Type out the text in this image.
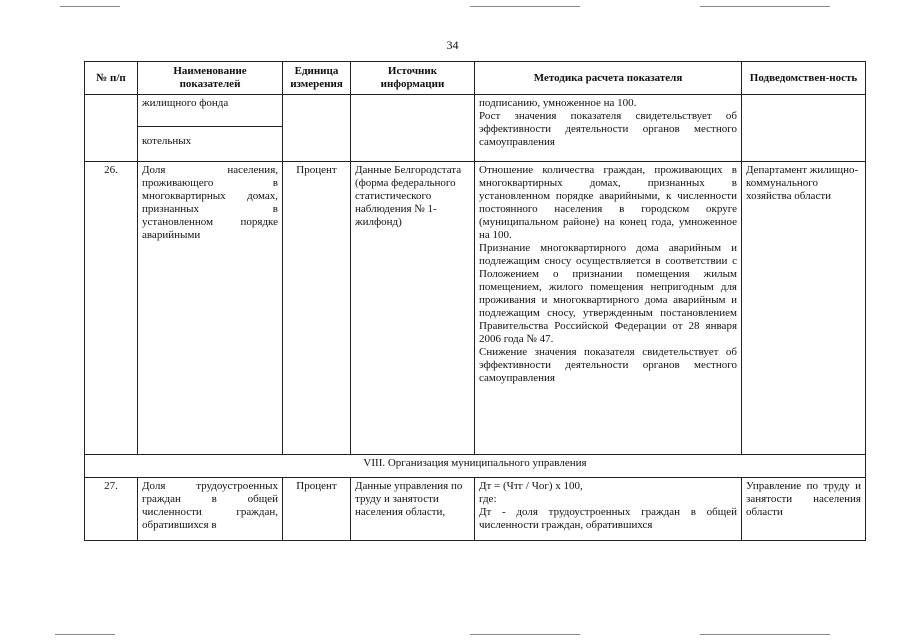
34
№ п/п	Наименование показателей	Единица измерения	Источник информации	Методика расчета показателя	Подведомствен-ность
	жилищного фонда			подписанию, умноженное на 100.

Рост значения показателя свидетельствует об эффективности деятельности органов местного самоуправления	

	котельных				
26.	Доля населения, проживающего в многоквартирных домах, признанных в установленном порядке аварийными	Процент	Данные Белгородстата (форма федерального статистического наблюдения № 1-жилфонд)	Отношение количества граждан, проживающих в многоквартирных домах, признанных в установленном порядке аварийными, к численности постоянного населения в городском округе (муниципальном районе) на конец года, умноженное на 100.

Признание многоквартирного дома аварийным и подлежащим сносу осуществляется в соответствии с Положением о признании помещения жилым помещением, жилого помещения непригодным для проживания и многоквартирного дома аварийным и подлежащим сносу, утвержденным постановлением Правительства Российской Федерации от 28 января 2006 года № 47.

Снижение значения показателя свидетельствует об эффективности деятельности органов местного самоуправления	Департамент жилищно-коммунального хозяйства области
VIII. Организация муниципального управления					
27.	Доля трудоустроенных граждан в общей численности граждан, обратившихся в	Процент	Данные управления по труду и занятости населения области,	Дт = (Чтг / Чог) х 100,

где:

Дт - доля трудоустроенных граждан в общей численности граждан, обратившихся	Управление по труду и занятости населения области
